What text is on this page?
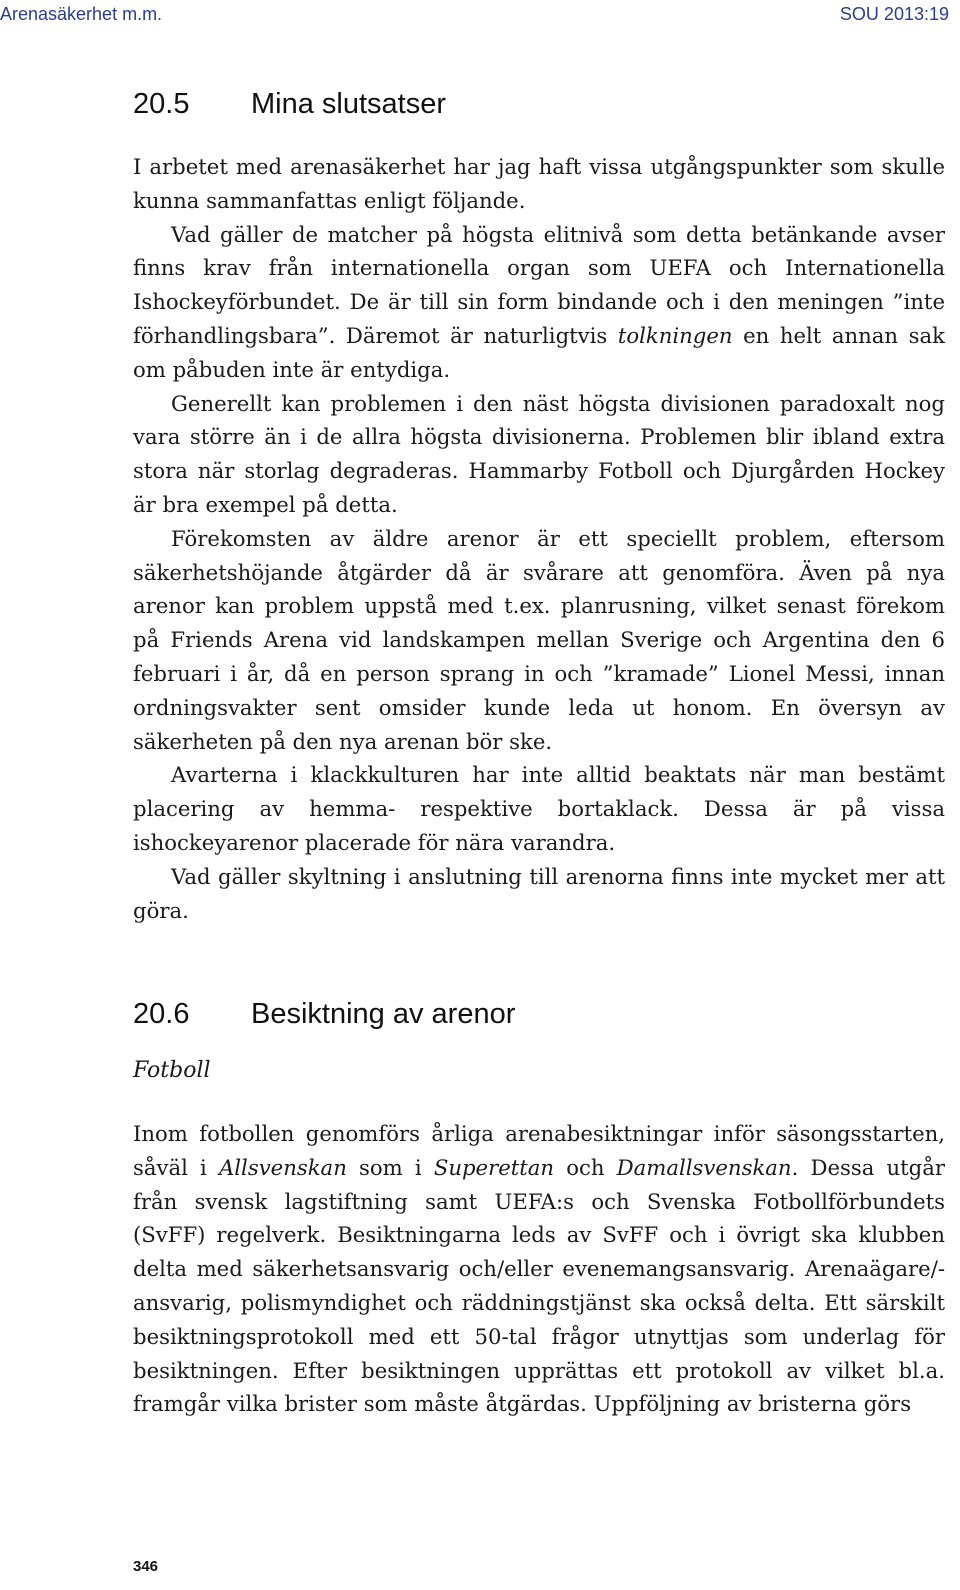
Arenasäkerhet m.m.	SOU 2013:19
20.5 Mina slutsatser

I arbetet med arenasäkerhet har jag haft vissa utgångspunkter som skulle kunna sammanfattas enligt följande.

Vad gäller de matcher på högsta elitnivå som detta betänkande avser finns krav från internationella organ som UEFA och Internationella Ishockeyförbundet. De är till sin form bindande och i den meningen ”inte förhandlingsbara”. Däremot är naturligtvis tolkningen en helt annan sak om påbuden inte är entydiga.

Generellt kan problemen i den näst högsta divisionen paradoxalt nog vara större än i de allra högsta divisionerna. Problemen blir ibland extra stora när storlag degraderas. Hammarby Fotboll och Djurgården Hockey är bra exempel på detta.

Förekomsten av äldre arenor är ett speciellt problem, eftersom säkerhetshöjande åtgärder då är svårare att genomföra. Även på nya arenor kan problem uppstå med t.ex. planrusning, vilket senast förekom på Friends Arena vid landskampen mellan Sverige och Argentina den 6 februari i år, då en person sprang in och ”kramade” Lionel Messi, innan ordningsvakter sent omsider kunde leda ut honom. En översyn av säkerheten på den nya arenan bör ske.

Avarterna i klackkulturen har inte alltid beaktats när man bestämt placering av hemma- respektive bortaklack. Dessa är på vissa ishockeyarenor placerade för nära varandra.

Vad gäller skyltning i anslutning till arenorna finns inte mycket mer att göra.

20.6 Besiktning av arenor
Fotboll

Inom fotbollen genomförs årliga arenabesiktningar inför säsongsstarten, såväl i Allsvenskan som i Superettan och Damallsvenskan. Dessa utgår från svensk lagstiftning samt UEFA:s och Svenska Fotbollförbundets (SvFF) regelverk. Besiktningarna leds av SvFF och i övrigt ska klubben delta med säkerhetsansvarig och/eller evenemangsansvarig. Arenaägare/-ansvarig, polismyndighet och räddningstjänst ska också delta. Ett särskilt besiktningsprotokoll med ett 50-tal frågor utnyttjas som underlag för besiktningen. Efter besiktningen upprättas ett protokoll av vilket bl.a. framgår vilka brister som måste åtgärdas. Uppföljning av bristerna görs

346
